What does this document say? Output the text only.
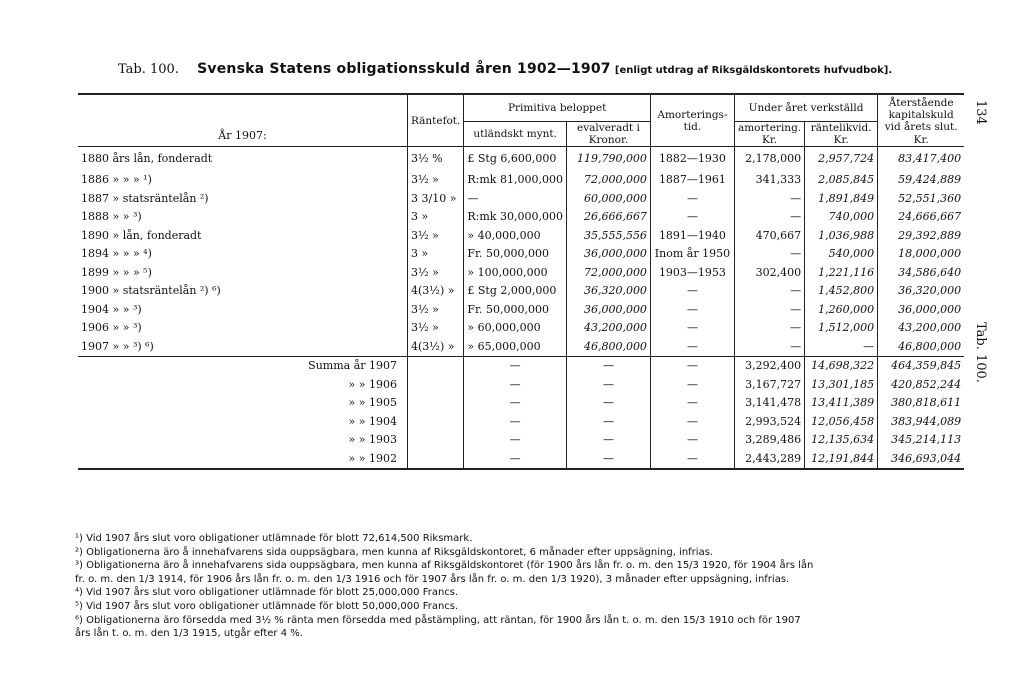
Tab. 100. Svenska Statens obligationsskuld åren 1902—1907 [enligt utdrag af Riksgäldskontorets hufvudbok].
134
Tab. 100.
År 1907:	Räntefot.	Primitiva beloppet		Amorterings-tid.	Under året verkställd		Återstående kapitalskuld vid årets slut.
		utländskt mynt.	evalveradt i Kronor.		amortering.	räntelikvid.	
					Kr.	Kr.	Kr.
1880 års lån, fonderadt	3½ %	£ Stg 6,600,000	119,790,000	1882—1930	2,178,000	2,957,724	83,417,400
1886 » » » ¹)	3½ »	R:mk 81,000,000	72,000,000	1887—1961	341,333	2,085,845	59,424,889
1887 » statsräntelån ²)	3 3/10 »	—	60,000,000	—	—	1,891,849	52,551,360
1888 » » ³)	3 »	R:mk 30,000,000	26,666,667	—	—	740,000	24,666,667
1890 » lån, fonderadt	3½ »	» 40,000,000	35,555,556	1891—1940	470,667	1,036,988	29,392,889
1894 » » » ⁴)	3 »	Fr. 50,000,000	36,000,000	Inom år 1950	—	540,000	18,000,000
1899 » » » ⁵)	3½ »	» 100,000,000	72,000,000	1903—1953	302,400	1,221,116	34,586,640
1900 » statsräntelån ²) ⁶)	4(3½) »	£ Stg 2,000,000	36,320,000	—	—	1,452,800	36,320,000
1904 » » ³)	3½ »	Fr. 50,000,000	36,000,000	—	—	1,260,000	36,000,000
1906 » » ³)	3½ »	» 60,000,000	43,200,000	—	—	1,512,000	43,200,000
1907 » » ³) ⁶)	4(3½) »	» 65,000,000	46,800,000	—	—	—	46,800,000
Summa år 1907		—	—	—	3,292,400	14,698,322	464,359,845
» » 1906		—	—	—	3,167,727	13,301,185	420,852,244
» » 1905		—	—	—	3,141,478	13,411,389	380,818,611
» » 1904		—	—	—	2,993,524	12,056,458	383,944,089
» » 1903		—	—	—	3,289,486	12,135,634	345,214,113
» » 1902		—	—	—	2,443,289	12,191,844	346,693,044
¹) Vid 1907 års slut voro obligationer utlämnade för blott 72,614,500 Riksmark.
²) Obligationerna äro å innehafvarens sida ouppsägbara, men kunna af Riksgäldskontoret, 6 månader efter uppsägning, infrias.
³) Obligationerna äro å innehafvarens sida ouppsägbara, men kunna af Riksgäldskontoret (för 1900 års lån fr. o. m. den 15/3 1920, för 1904 års lån
fr. o. m. den 1/3 1914, för 1906 års lån fr. o. m. den 1/3 1916 och för 1907 års lån fr. o. m. den 1/3 1920), 3 månader efter uppsägning, infrias.
⁴) Vid 1907 års slut voro obligationer utlämnade för blott 25,000,000 Francs.
⁵) Vid 1907 års slut voro obligationer utlämnade för blott 50,000,000 Francs.
⁶) Obligationerna äro försedda med 3½ % ränta men försedda med påstämpling, att räntan, för 1900 års lån t. o. m. den 15/3 1910 och för 1907
års lån t. o. m. den 1/3 1915, utgår efter 4 %.
